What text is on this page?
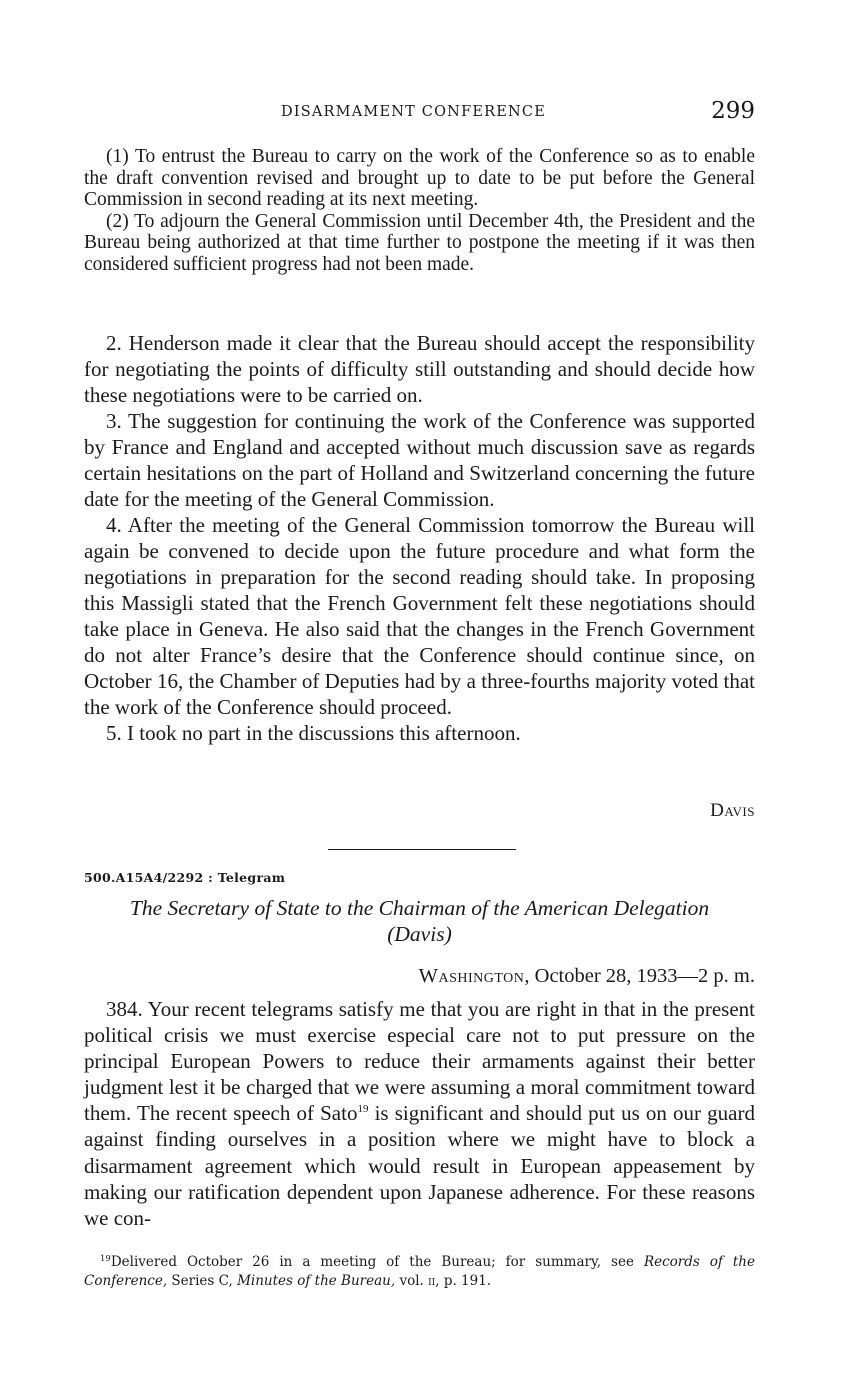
DISARMAMENT CONFERENCE	299

(1) To entrust the Bureau to carry on the work of the Conference so as to enable the draft convention revised and brought up to date to be put before the General Commission in second reading at its next meeting.

(2) To adjourn the General Commission until December 4th, the President and the Bureau being authorized at that time further to postpone the meeting if it was then considered sufficient progress had not been made.

2. Henderson made it clear that the Bureau should accept the responsibility for negotiating the points of difficulty still outstanding and should decide how these negotiations were to be carried on.

3. The suggestion for continuing the work of the Conference was supported by France and England and accepted without much discussion save as regards certain hesitations on the part of Holland and Switzerland concerning the future date for the meeting of the General Commission.

4. After the meeting of the General Commission tomorrow the Bureau will again be convened to decide upon the future procedure and what form the negotiations in preparation for the second reading should take. In proposing this Massigli stated that the French Government felt these negotiations should take place in Geneva. He also said that the changes in the French Government do not alter France’s desire that the Conference should continue since, on October 16, the Chamber of Deputies had by a three-fourths majority voted that the work of the Conference should proceed.

5. I took no part in the discussions this afternoon.

Davis
500.A15A4/2292 : Telegram
The Secretary of State to the Chairman of the American Delegation
(Davis)
Washington, October 28, 1933—2 p. m.

384. Your recent telegrams satisfy me that you are right in that in the present political crisis we must exercise especial care not to put pressure on the principal European Powers to reduce their armaments against their better judgment lest it be charged that we were assuming a moral commitment toward them. The recent speech of Sato$^{19}$ is significant and should put us on our guard against finding ourselves in a position where we might have to block a disarmament agreement which would result in European appeasement by making our ratification dependent upon Japanese adherence. For these reasons we con-

$^{19}$Delivered October 26 in a meeting of the Bureau; for summary, see Records of the Conference, Series C, Minutes of the Bureau, vol. ii, p. 191.
